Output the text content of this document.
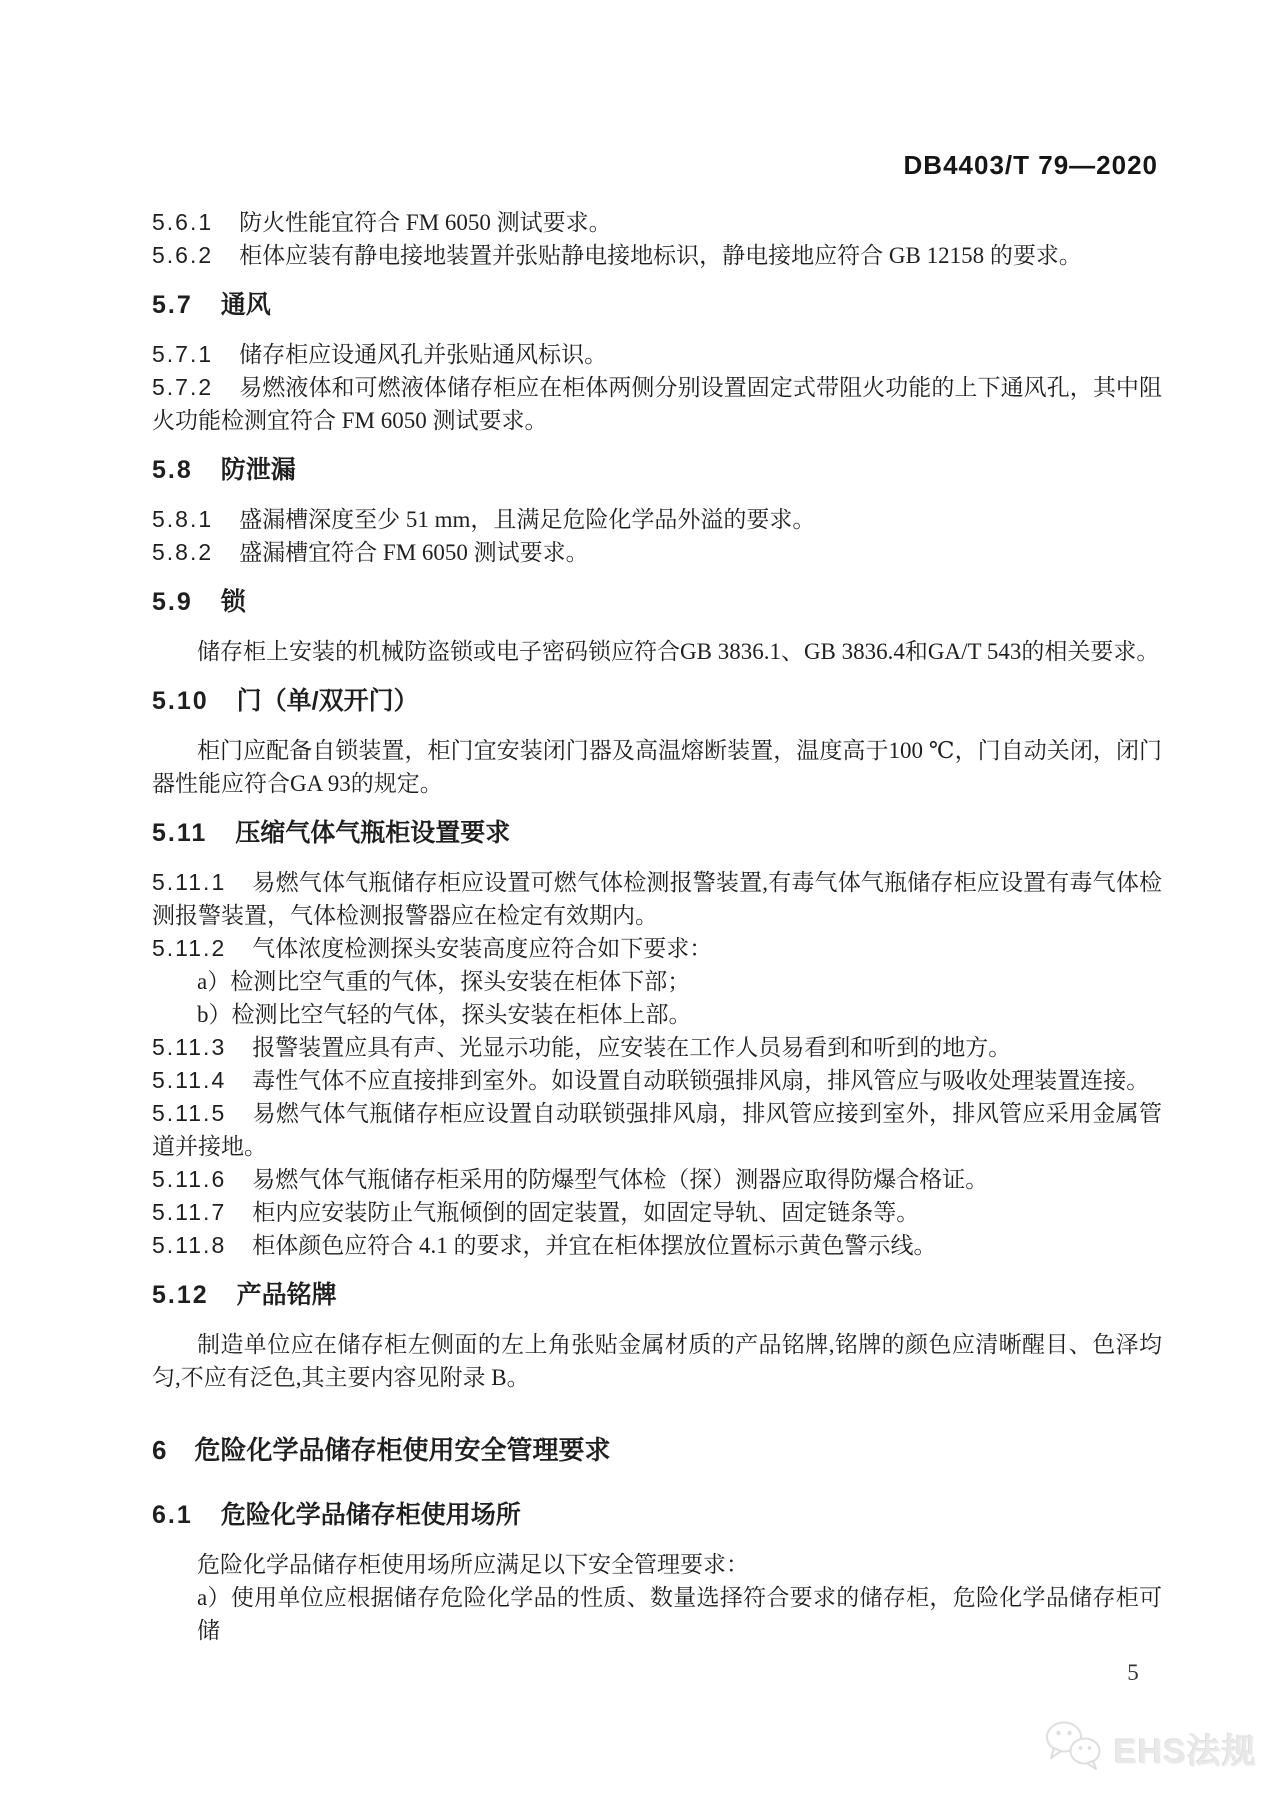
DB4403/T 79—2020
5.6.1 防火性能宜符合 FM 6050 测试要求。
5.6.2 柜体应装有静电接地装置并张贴静电接地标识，静电接地应符合 GB 12158 的要求。
5.7 通风
5.7.1 储存柜应设通风孔并张贴通风标识。
5.7.2 易燃液体和可燃液体储存柜应在柜体两侧分别设置固定式带阻火功能的上下通风孔，其中阻火功能检测宜符合 FM 6050 测试要求。
5.8 防泄漏
5.8.1 盛漏槽深度至少 51 mm，且满足危险化学品外溢的要求。
5.8.2 盛漏槽宜符合 FM 6050 测试要求。
5.9 锁
储存柜上安装的机械防盗锁或电子密码锁应符合GB 3836.1、GB 3836.4和GA/T 543的相关要求。
5.10 门（单/双开门）
柜门应配备自锁装置，柜门宜安装闭门器及高温熔断装置，温度高于100 ℃，门自动关闭，闭门器性能应符合GA 93的规定。
5.11 压缩气体气瓶柜设置要求
5.11.1 易燃气体气瓶储存柜应设置可燃气体检测报警装置,有毒气体气瓶储存柜应设置有毒气体检测报警装置，气体检测报警器应在检定有效期内。
5.11.2 气体浓度检测探头安装高度应符合如下要求：
a）检测比空气重的气体，探头安装在柜体下部；
b）检测比空气轻的气体，探头安装在柜体上部。
5.11.3 报警装置应具有声、光显示功能，应安装在工作人员易看到和听到的地方。
5.11.4 毒性气体不应直接排到室外。如设置自动联锁强排风扇，排风管应与吸收处理装置连接。
5.11.5 易燃气体气瓶储存柜应设置自动联锁强排风扇，排风管应接到室外，排风管应采用金属管道并接地。
5.11.6 易燃气体气瓶储存柜采用的防爆型气体检（探）测器应取得防爆合格证。
5.11.7 柜内应安装防止气瓶倾倒的固定装置，如固定导轨、固定链条等。
5.11.8 柜体颜色应符合 4.1 的要求，并宜在柜体摆放位置标示黄色警示线。
5.12 产品铭牌
制造单位应在储存柜左侧面的左上角张贴金属材质的产品铭牌,铭牌的颜色应清晰醒目、色泽均匀,不应有泛色,其主要内容见附录 B。
6 危险化学品储存柜使用安全管理要求
6.1 危险化学品储存柜使用场所
危险化学品储存柜使用场所应满足以下安全管理要求：
a）使用单位应根据储存危险化学品的性质、数量选择符合要求的储存柜，危险化学品储存柜可储
5
EHS法规
